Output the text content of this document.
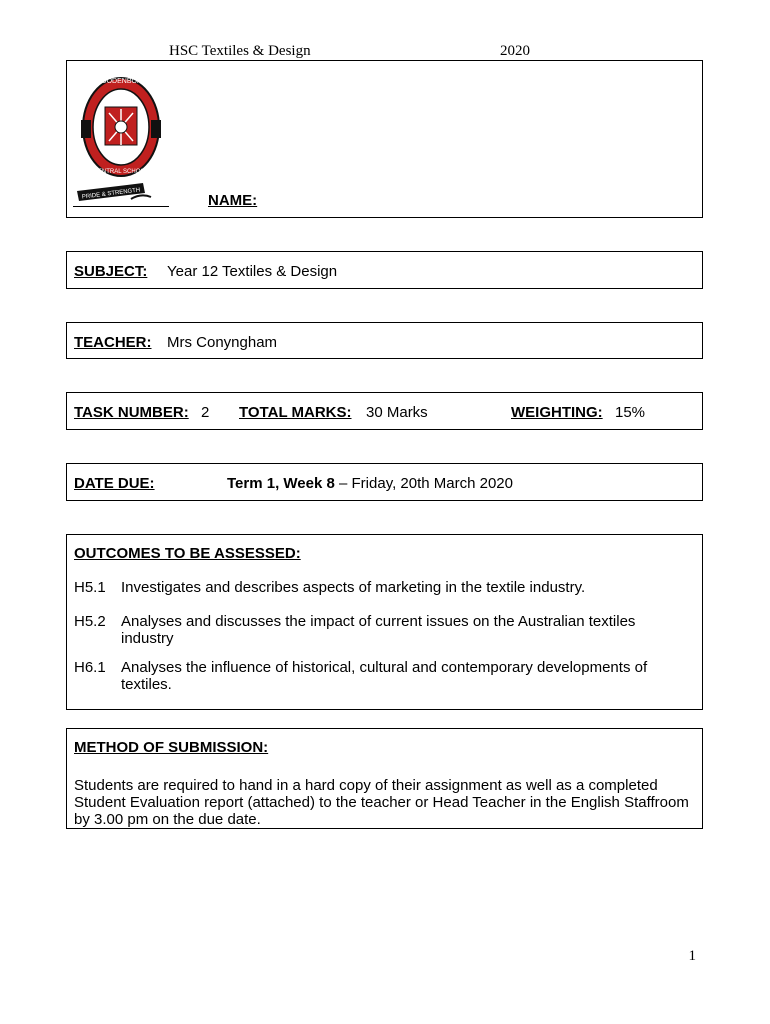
HSC Textiles & Design	2020
WOODENBONG
CENTRAL SCHOOL
PRIDE & STRENGTH	NAME:
SUBJECT: Year 12 Textiles & Design
TEACHER: Mrs Conyngham
TASK NUMBER: 2 TOTAL MARKS: 30 Marks	WEIGHTING: 15%
DATE DUE:	Term 1, Week 8 – Friday, 20th March 2020
OUTCOMES TO BE ASSESSED:
H5.1 Investigates and describes aspects of marketing in the textile industry.
H5.2 Analyses and discusses the impact of current issues on the Australian textiles industry
H6.1 Analyses the influence of historical, cultural and contemporary developments of textiles.
METHOD OF SUBMISSION:
Students are required to hand in a hard copy of their assignment as well as a completed Student Evaluation report (attached) to the teacher or Head Teacher in the English Staffroom by 3.00 pm on the due date.
1
